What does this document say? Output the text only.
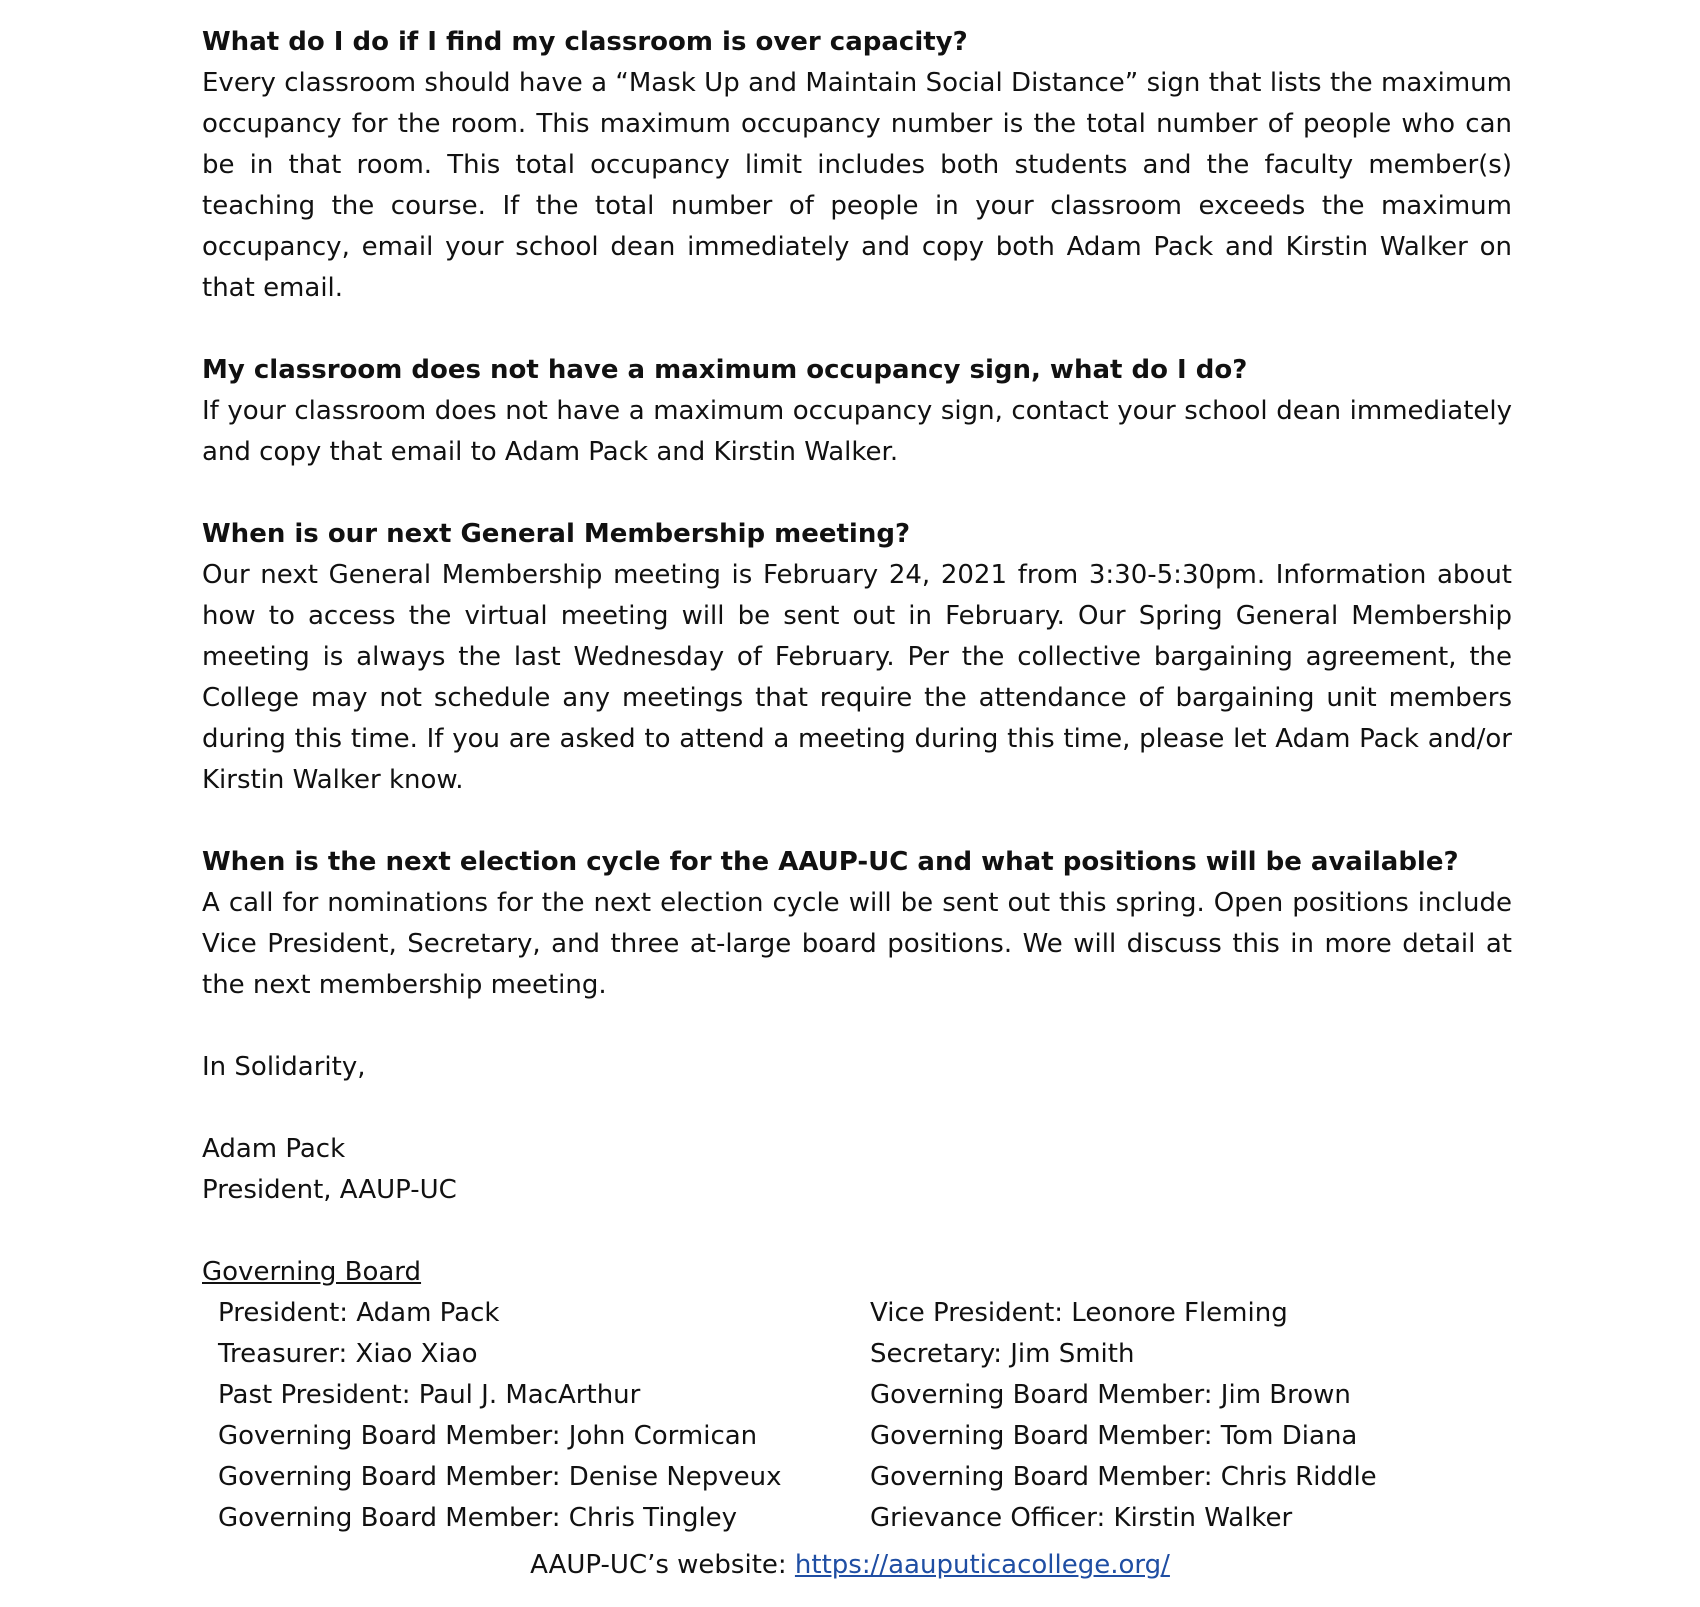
What do I do if I find my classroom is over capacity?

Every classroom should have a “Mask Up and Maintain Social Distance” sign that lists the maximum occupancy for the room. This maximum occupancy number is the total number of people who can be in that room. This total occupancy limit includes both students and the faculty member(s) teaching the course. If the total number of people in your classroom exceeds the maximum occupancy, email your school dean immediately and copy both Adam Pack and Kirstin Walker on that email.

My classroom does not have a maximum occupancy sign, what do I do?

If your classroom does not have a maximum occupancy sign, contact your school dean immediately and copy that email to Adam Pack and Kirstin Walker.

When is our next General Membership meeting?

Our next General Membership meeting is February 24, 2021 from 3:30-5:30pm. Information about how to access the virtual meeting will be sent out in February. Our Spring General Membership meeting is always the last Wednesday of February. Per the collective bargaining agreement, the College may not schedule any meetings that require the attendance of bargaining unit members during this time. If you are asked to attend a meeting during this time, please let Adam Pack and/or Kirstin Walker know.

When is the next election cycle for the AAUP-UC and what positions will be available?

A call for nominations for the next election cycle will be sent out this spring. Open positions include Vice President, Secretary, and three at-large board positions. We will discuss this in more detail at the next membership meeting.

In Solidarity,

Adam Pack

President, AAUP-UC

Governing Board

President: Adam Pack	Vice President: Leonore Fleming
Treasurer: Xiao Xiao	Secretary: Jim Smith
Past President: Paul J. MacArthur	Governing Board Member: Jim Brown
Governing Board Member: John Cormican	Governing Board Member: Tom Diana
Governing Board Member: Denise Nepveux	Governing Board Member: Chris Riddle
Governing Board Member: Chris Tingley	Grievance Officer: Kirstin Walker
AAUP-UC’s website: https://aauputicacollege.org/
